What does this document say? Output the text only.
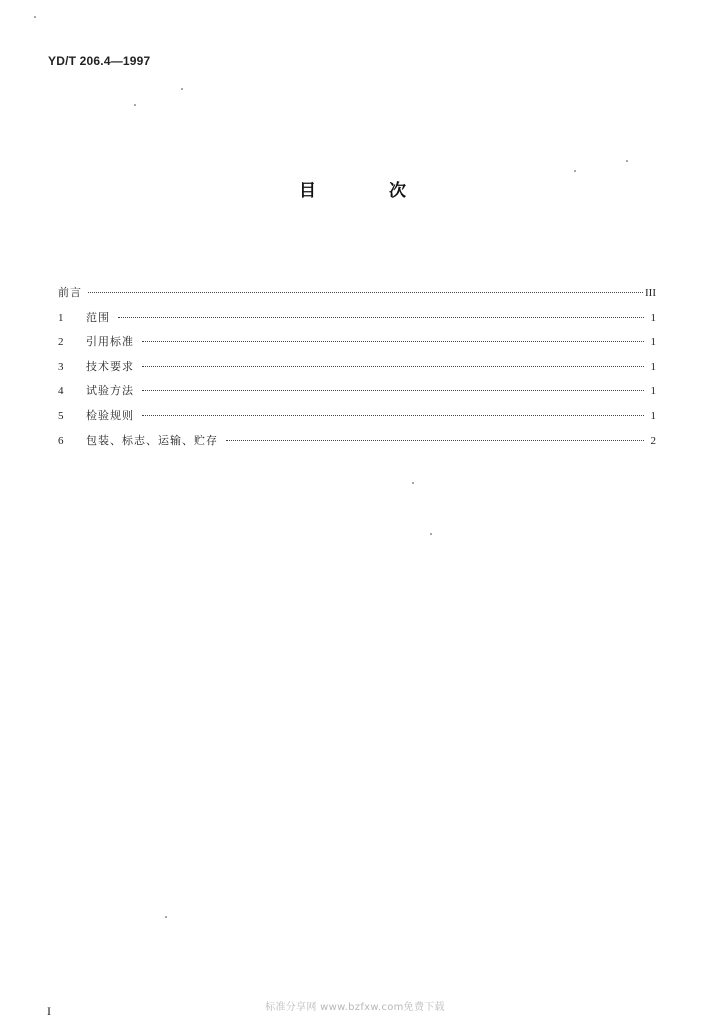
YD/T 206.4—1997
目	次
前言	III
1	范围	1
2	引用标准	1
3	技术要求	1
4	试验方法	1
5	检验规则	1
6	包装、标志、运输、贮存	2
I	标准分享网 www.bzfxw.com免费下载
